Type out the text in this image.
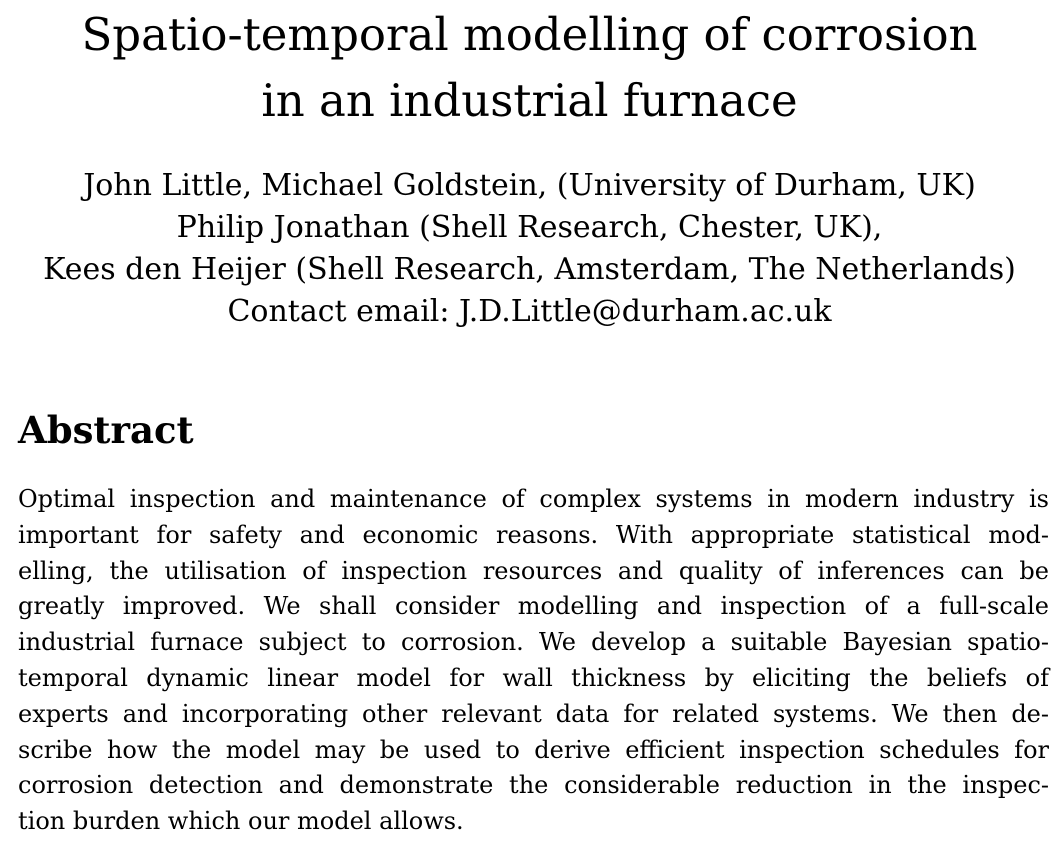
Spatio-temporal modelling of corrosion
in an industrial furnace
John Little, Michael Goldstein, (University of Durham, UK)
Philip Jonathan (Shell Research, Chester, UK),
Kees den Heijer (Shell Research, Amsterdam, The Netherlands)
Contact email: J.D.Little@durham.ac.uk
Abstract
Optimal inspection and maintenance of complex systems in modern industry is
important for safety and economic reasons. With appropriate statistical mod-
elling, the utilisation of inspection resources and quality of inferences can be
greatly improved. We shall consider modelling and inspection of a full-scale
industrial furnace subject to corrosion. We develop a suitable Bayesian spatio-
temporal dynamic linear model for wall thickness by eliciting the beliefs of
experts and incorporating other relevant data for related systems. We then de-
scribe how the model may be used to derive efficient inspection schedules for
corrosion detection and demonstrate the considerable reduction in the inspec-
tion burden which our model allows.
